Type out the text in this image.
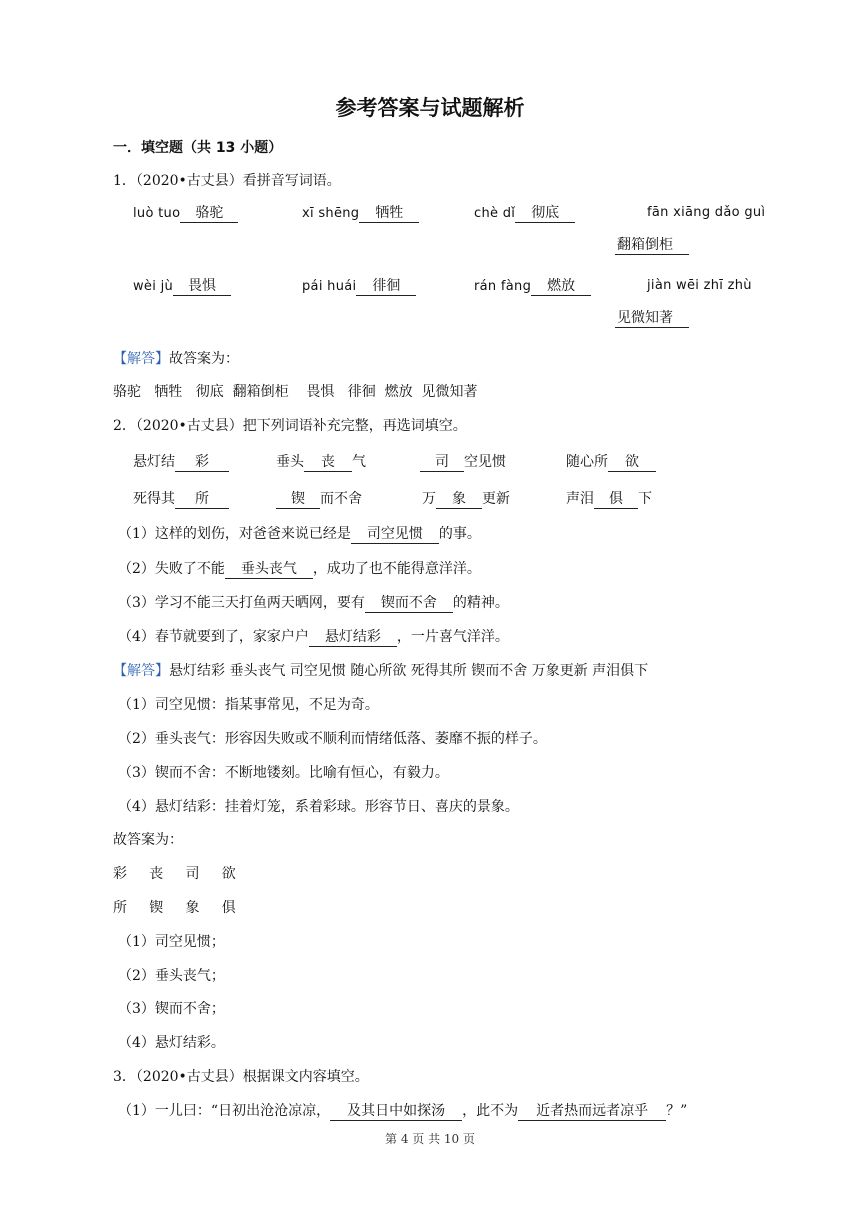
参考答案与试题解析
一．填空题（共 13 小题）
1．（2020•古丈县）看拼音写词语。
luò tuo 骆驼	xī shēng 牺牲	chè dǐ 彻底	fān xiāng dǎo guì
翻箱倒柜
wèi jù 畏惧	pái huái 徘徊	rán fàng 燃放	jiàn wēi zhī zhù
见微知著
【解答】故答案为：
骆驼   牺牲   彻底  翻箱倒柜    畏惧   徘徊  燃放  见微知著
2．（2020•古丈县）把下列词语补充完整，再选词填空。
悬灯结 彩	垂头 丧 气	司 空见惯	随心所 欲
死得其 所	锲 而不舍	万 象 更新	声泪 俱 下
（1）这样的划伤，对爸爸来说已经是 司空见惯 的事。
（2）失败了不能 垂头丧气 ，成功了也不能得意洋洋。
（3）学习不能三天打鱼两天晒网，要有 锲而不舍 的精神。
（4）春节就要到了，家家户户 悬灯结彩 ，一片喜气洋洋。
【解答】悬灯结彩 垂头丧气 司空见惯 随心所欲 死得其所 锲而不舍 万象更新 声泪俱下
（1）司空见惯：指某事常见，不足为奇。
（2）垂头丧气：形容因失败或不顺利而情绪低落、萎靡不振的样子。
（3）锲而不舍：不断地镂刻。比喻有恒心，有毅力。
（4）悬灯结彩：挂着灯笼，系着彩球。形容节日、喜庆的景象。
故答案为：
彩     丧     司     欲
所     锲     象     俱
（1）司空见惯；
（2）垂头丧气；
（3）锲而不舍；
（4）悬灯结彩。
3．（2020•古丈县）根据课文内容填空。
（1）一儿曰：“日初出沧沧凉凉， 及其日中如探汤 ，此不为 近者热而远者凉乎 ？”
第 4 页 共 10 页
